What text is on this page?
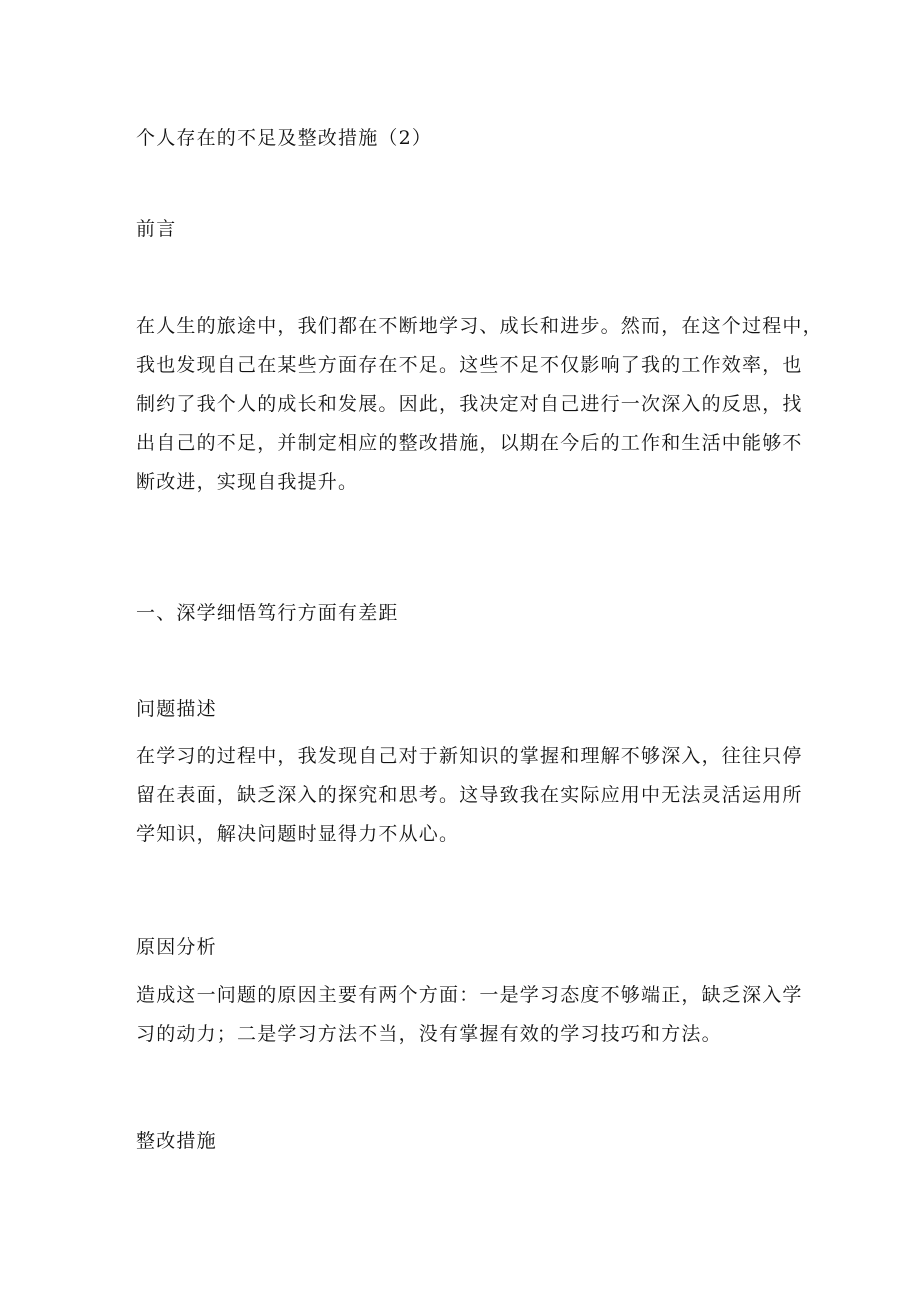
个人存在的不足及整改措施（2）
前言
在人生的旅途中，我们都在不断地学习、成长和进步。然而，在这个过程中，
我也发现自己在某些方面存在不足。这些不足不仅影响了我的工作效率，也
制约了我个人的成长和发展。因此，我决定对自己进行一次深入的反思，找
出自己的不足，并制定相应的整改措施，以期在今后的工作和生活中能够不
断改进，实现自我提升。
一、深学细悟笃行方面有差距
问题描述
在学习的过程中，我发现自己对于新知识的掌握和理解不够深入，往往只停
留在表面，缺乏深入的探究和思考。这导致我在实际应用中无法灵活运用所
学知识，解决问题时显得力不从心。
原因分析
造成这一问题的原因主要有两个方面：一是学习态度不够端正，缺乏深入学
习的动力；二是学习方法不当，没有掌握有效的学习技巧和方法。
整改措施
